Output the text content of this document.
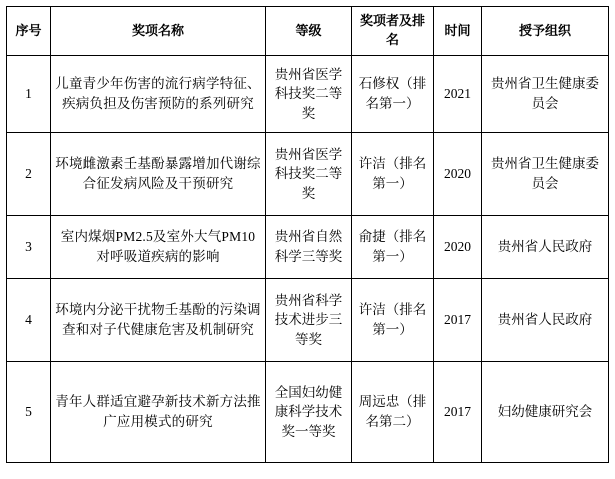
序号	奖项名称	等级	奖项者及排名	时间	授予组织
1	儿童青少年伤害的流行病学特征、疾病负担及伤害预防的系列研究	贵州省医学科技奖二等奖	石修权（排名第一）	2021	贵州省卫生健康委员会
2	环境雌激素壬基酚暴露增加代谢综合征发病风险及干预研究	贵州省医学科技奖二等奖	许洁（排名第一）	2020	贵州省卫生健康委员会
3	室内煤烟PM2.5及室外大气PM10对呼吸道疾病的影响	贵州省自然科学三等奖	俞捷（排名第一）	2020	贵州省人民政府
4	环境内分泌干扰物壬基酚的污染调查和对子代健康危害及机制研究	贵州省科学技术进步三等奖	许洁（排名第一）	2017	贵州省人民政府
5	青年人群适宜避孕新技术新方法推广应用模式的研究	全国妇幼健康科学技术奖一等奖	周远忠（排名第二）	2017	妇幼健康研究会
